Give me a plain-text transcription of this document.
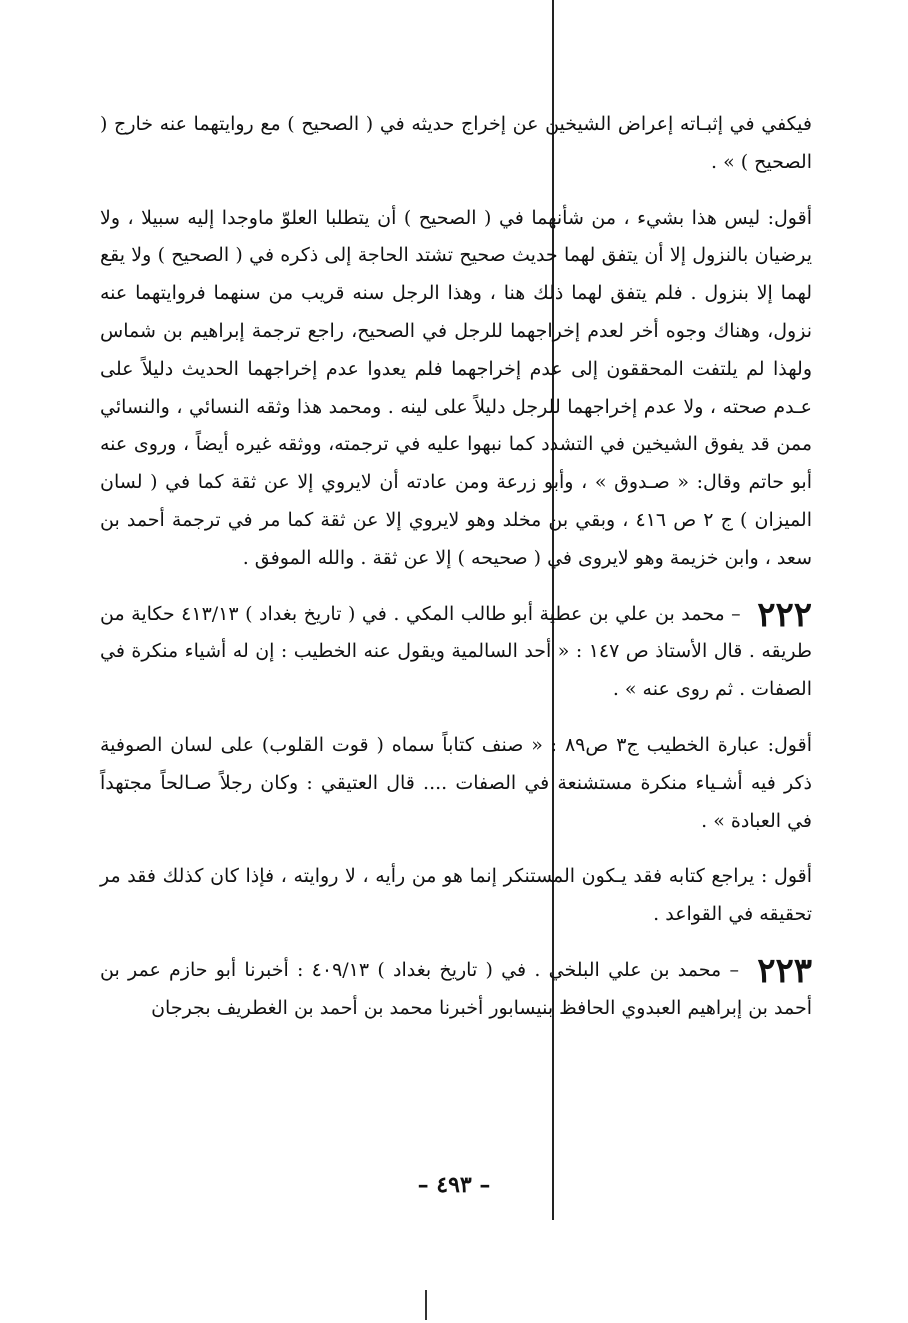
فيكفي في إثبـاته إعراض الشيخين عن إخراج حديثه في ( الصحيح ) مع روايتهما عنه خارج ( الصحيح ) » .

أقول: ليس هذا بشيء ، من شأنهما في ( الصحيح ) أن يتطلبا العلوّ ماوجدا إليه سبيلا ، ولا يرضيان بالنزول إلا أن يتفق لهما حديث صحيح تشتد الحاجة إلى ذكره في ( الصحيح ) ولا يقع لهما إلا بنزول . فلم يتفق لهما ذلك هنا ، وهذا الرجل سنه قريب من سنهما فروايتهما عنه نزول، وهناك وجوه أخر لعدم إخراجهما للرجل في الصحيح، راجع ترجمة إبراهيم بن شماس ولهذا لم يلتفت المحققون إلى عدم إخراجهما فلم يعدوا عدم إخراجهما الحديث دليلاً على عـدم صحته ، ولا عدم إخراجهما للرجل دليلاً على لينه . ومحمد هذا وثقه النسائي ، والنسائي ممن قد يفوق الشيخين في التشدد كما نبهوا عليه في ترجمته، ووثقه غيره أيضاً ، وروى عنه أبو حاتم وقال: « صـدوق » ، وأبو زرعة ومن عادته أن لايروي إلا عن ثقة كما في ( لسان الميزان ) ج ٢ ص ٤١٦ ، وبقي بن مخلد وهو لايروي إلا عن ثقة كما مر في ترجمة أحمد بن سعد ، وابن خزيمة وهو لايروى في ( صحيحه ) إلا عن ثقة . والله الموفق .

٢٢٢ – محمد بن علي بن عطية أبو طالب المكي . في ( تاريخ بغداد ) ٤١٣/١٣ حكاية من طريقه . قال الأستاذ ص ١٤٧ : « أحد السالمية ويقول عنه الخطيب : إن له أشياء منكرة في الصفات . ثم روى عنه » .

أقول: عبارة الخطيب ج٣ ص٨٩ : « صنف كتاباً سماه ( قوت القلوب) على لسان الصوفية ذكر فيه أشـياء منكرة مستشنعة في الصفات .... قال العتيقي : وكان رجلاً صـالحاً مجتهداً في العبادة » .

أقول : يراجع كتابه فقد يـكون المستنكر إنما هو من رأيه ، لا روايته ، فإذا كان كذلك فقد مر تحقيقه في القواعد .

٢٢٣ – محمد بن علي البلخي . في ( تاريخ بغداد ) ٤٠٩/١٣ : أخبرنا أبو حازم عمر بن أحمد بن إبراهيم العبدوي الحافظ بنيسابور أخبرنا محمد بن أحمد بن الغطريف بجرجان

– ٤٩٣ –
